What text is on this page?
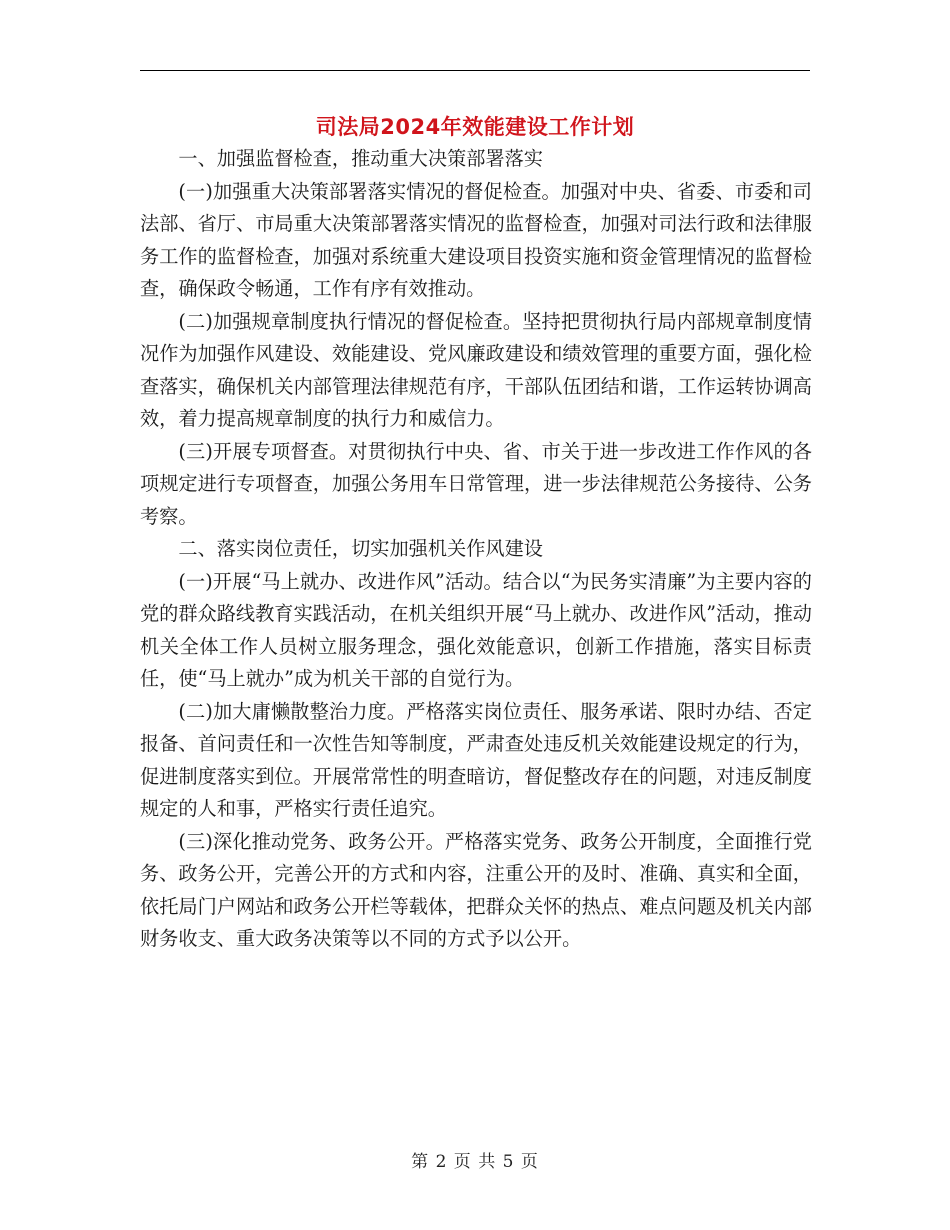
司法局2024年效能建设工作计划

一、加强监督检查，推动重大决策部署落实

(一)加强重大决策部署落实情况的督促检查。加强对中央、省委、市委和司法部、省厅、市局重大决策部署落实情况的监督检查，加强对司法行政和法律服务工作的监督检查，加强对系统重大建设项目投资实施和资金管理情况的监督检查，确保政令畅通，工作有序有效推动。

(二)加强规章制度执行情况的督促检查。坚持把贯彻执行局内部规章制度情况作为加强作风建设、效能建设、党风廉政建设和绩效管理的重要方面，强化检查落实，确保机关内部管理法律规范有序，干部队伍团结和谐，工作运转协调高效，着力提高规章制度的执行力和威信力。

(三)开展专项督查。对贯彻执行中央、省、市关于进一步改进工作作风的各项规定进行专项督查，加强公务用车日常管理，进一步法律规范公务接待、公务考察。

二、落实岗位责任，切实加强机关作风建设

(一)开展“马上就办、改进作风”活动。结合以“为民务实清廉”为主要内容的党的群众路线教育实践活动，在机关组织开展“马上就办、改进作风”活动，推动机关全体工作人员树立服务理念，强化效能意识，创新工作措施，落实目标责任，使“马上就办”成为机关干部的自觉行为。

(二)加大庸懒散整治力度。严格落实岗位责任、服务承诺、限时办结、否定报备、首问责任和一次性告知等制度，严肃查处违反机关效能建设规定的行为，促进制度落实到位。开展常常性的明查暗访，督促整改存在的问题，对违反制度规定的人和事，严格实行责任追究。

(三)深化推动党务、政务公开。严格落实党务、政务公开制度，全面推行党务、政务公开，完善公开的方式和内容，注重公开的及时、准确、真实和全面，依托局门户网站和政务公开栏等载体，把群众关怀的热点、难点问题及机关内部财务收支、重大政务决策等以不同的方式予以公开。

第 2 页 共 5 页
